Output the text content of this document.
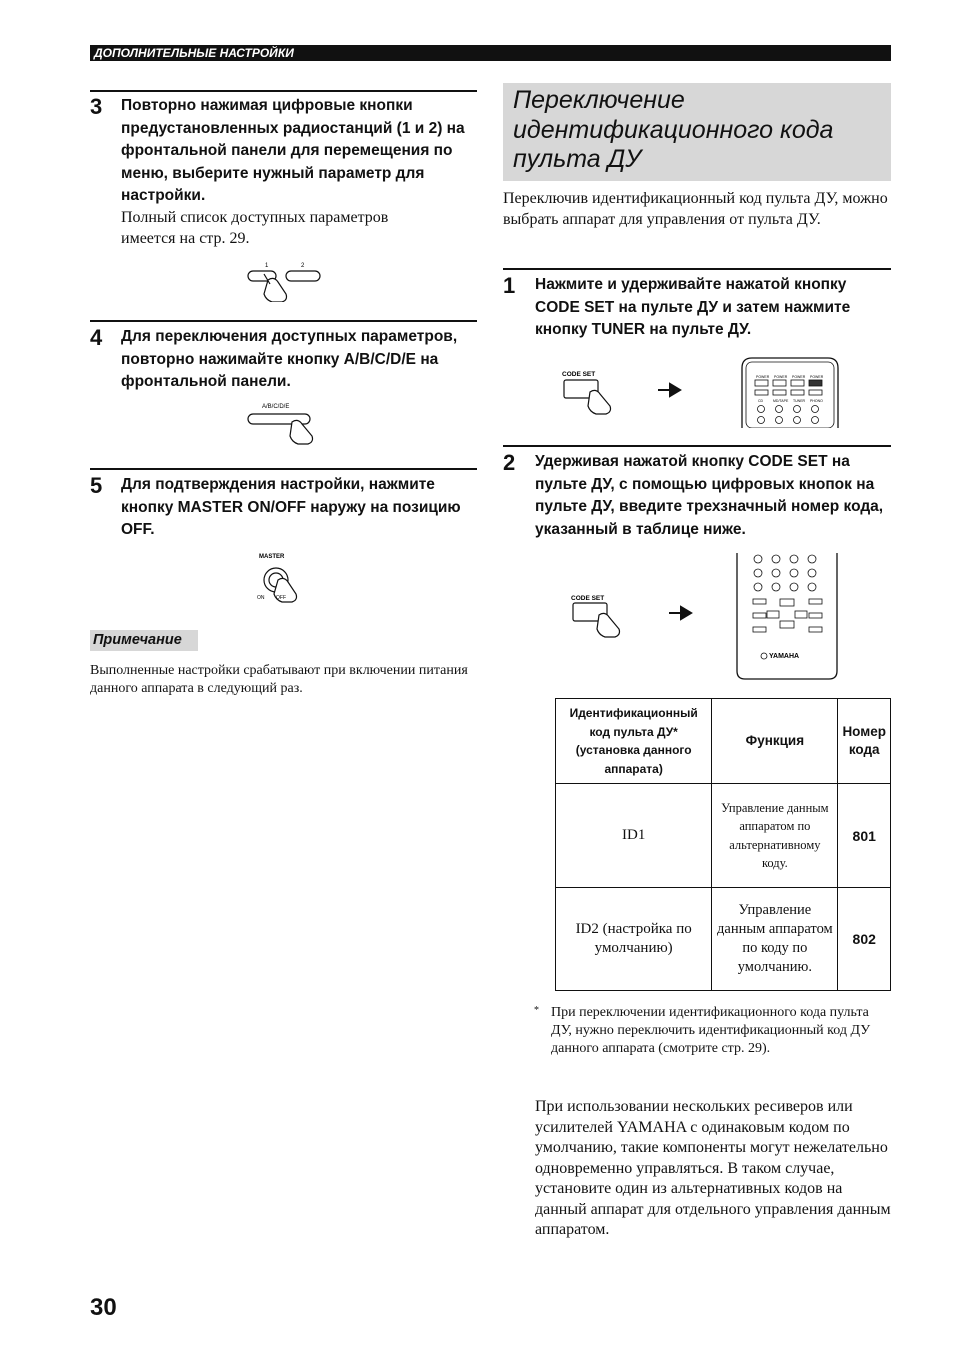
ДОПОЛНИТЕЛЬНЫЕ НАСТРОЙКИ
3 Повторно нажимая цифровые кнопки предустановленных радиостанций (1 и 2) на фронтальной панели для перемещения по меню, выберите нужный параметр для настройки.
Полный список доступных параметров имеется на стр. 29.
1	2
4 Для переключения доступных параметров, повторно нажимайте кнопку A/B/C/D/E на фронтальной панели.
A/B/C/D/E
5 Для подтверждения настройки, нажмите кнопку MASTER ON/OFF наружу на позицию OFF.
MASTER
ON OFF
Примечание
Выполненные настройки срабатывают при включении питания данного аппарата в следующий раз.
Переключение идентификационного кода пульта ДУ
Переключив идентификационный код пульта ДУ, можно выбрать аппарат для управления от пульта ДУ.
1 Нажмите и удерживайте нажатой кнопку CODE SET на пульте ДУ и затем нажмите кнопку TUNER на пульте ДУ.
CODE SET	POWER POWER POWER POWER
CD	MD/TAPE TUNER PHONO
2 Удерживая нажатой кнопку CODE SET на пульте ДУ, с помощью цифровых кнопок на пульте ДУ, введите трехзначный номер кода, указанный в таблице ниже.
CODE SET
YAMAHA
Идентификационный код пульта ДУ* (установка данного аппарата)	Функция	Номер кода
ID1	Управление данным аппаратом по альтернативному коду.	801
ID2 (настройка по умолчанию)	Управление данным аппаратом по коду по умолчанию.	802
* При переключении идентификационного кода пульта ДУ, нужно переключить идентификационный код ДУ данного аппарата (смотрите стр. 29).
При использовании нескольких ресиверов или усилителей YAMAHA с одинаковым кодом по умолчанию, такие компоненты могут нежелательно одновременно управляться. В таком случае, установите один из альтернативных кодов на данный аппарат для отдельного управления данным аппаратом.
30
